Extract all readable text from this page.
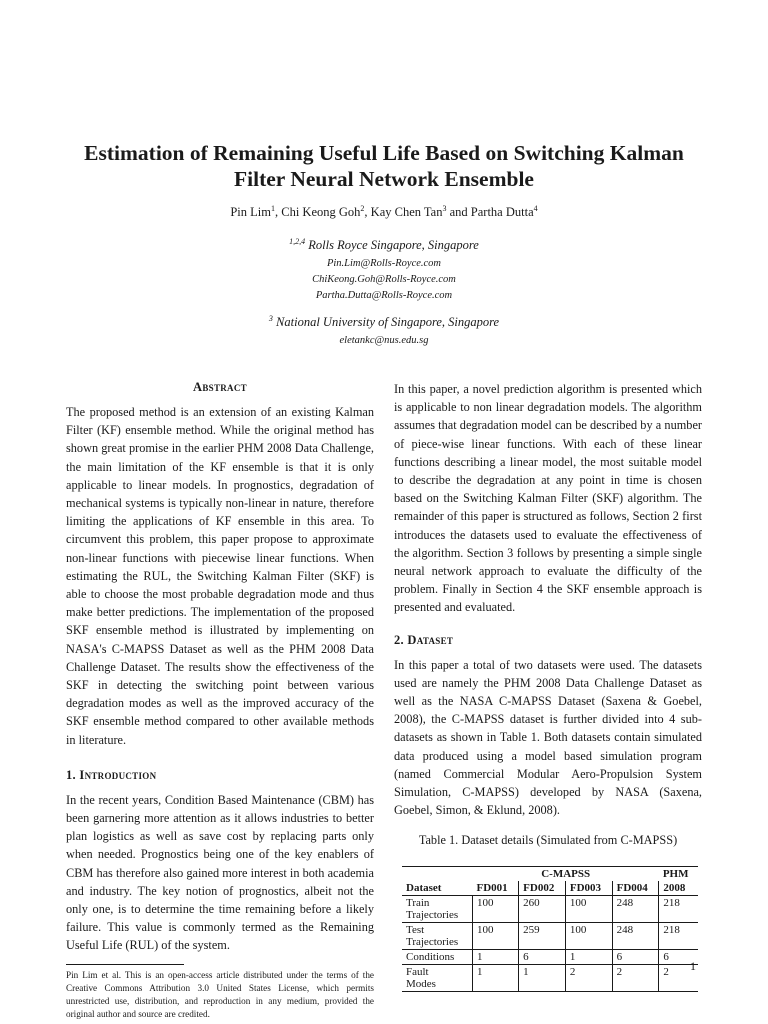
Estimation of Remaining Useful Life Based on Switching Kalman
Filter Neural Network Ensemble
Pin Lim$^1$, Chi Keong Goh$^2$, Kay Chen Tan$^3$ and Partha Dutta$^4$
$^{1,2,4}$ Rolls Royce Singapore, Singapore
Pin.Lim@Rolls-Royce.com
ChiKeong.Goh@Rolls-Royce.com
Partha.Dutta@Rolls-Royce.com
$^3$ National University of Singapore, Singapore
eletankc@nus.edu.sg
Abstract

The proposed method is an extension of an existing Kalman Filter (KF) ensemble method. While the original method has shown great promise in the earlier PHM 2008 Data Challenge, the main limitation of the KF ensemble is that it is only applicable to linear models. In prognostics, degradation of mechanical systems is typically non-linear in nature, therefore limiting the applications of KF ensemble in this area. To circumvent this problem, this paper propose to approximate non-linear functions with piecewise linear functions. When estimating the RUL, the Switching Kalman Filter (SKF) is able to choose the most probable degradation mode and thus make better predictions. The implementation of the proposed SKF ensemble method is illustrated by implementing on NASA's C-MAPSS Dataset as well as the PHM 2008 Data Challenge Dataset. The results show the effectiveness of the SKF in detecting the switching point between various degradation modes as well as the improved accuracy of the SKF ensemble method compared to other available methods in literature.

1. Introduction

In the recent years, Condition Based Maintenance (CBM) has been garnering more attention as it allows industries to better plan logistics as well as save cost by replacing parts only when needed. Prognostics being one of the key enablers of CBM has therefore also gained more interest in both academia and industry. The key notion of prognostics, albeit not the only one, is to determine the time remaining before a likely failure. This value is commonly termed as the Remaining Useful Life (RUL) of the system.

Pin Lim et al. This is an open-access article distributed under the terms of the Creative Commons Attribution 3.0 United States License, which permits unrestricted use, distribution, and reproduction in any medium, provided the original author and source are credited.

In this paper, a novel prediction algorithm is presented which is applicable to non linear degradation models. The algorithm assumes that degradation model can be described by a number of piece-wise linear functions. With each of these linear functions describing a linear model, the most suitable model to describe the degradation at any point in time is chosen based on the Switching Kalman Filter (SKF) algorithm. The remainder of this paper is structured as follows, Section 2 first introduces the datasets used to evaluate the effectiveness of the algorithm. Section 3 follows by presenting a simple single neural network approach to evaluate the difficulty of the problem. Finally in Section 4 the SKF ensemble approach is presented and evaluated.

2. Dataset

In this paper a total of two datasets were used. The datasets used are namely the PHM 2008 Data Challenge Dataset as well as the NASA C-MAPSS Dataset (Saxena & Goebel, 2008), the C-MAPSS dataset is further divided into 4 sub-datasets as shown in Table 1. Both datasets contain simulated data produced using a model based simulation program (named Commercial Modular Aero-Propulsion System Simulation, C-MAPSS) developed by NASA (Saxena, Goebel, Simon, & Eklund, 2008).

Table 1. Dataset details (Simulated from C-MAPSS)
	C-MAPSS				PHM
Dataset	FD001	FD002	FD003	FD004	2008
Train
Trajectories	100	260	100	248	218
Test
Trajectories	100	259	100	248	218
Conditions	1	6	1	6	6
Fault
Modes	1	1	2	2	2 1
